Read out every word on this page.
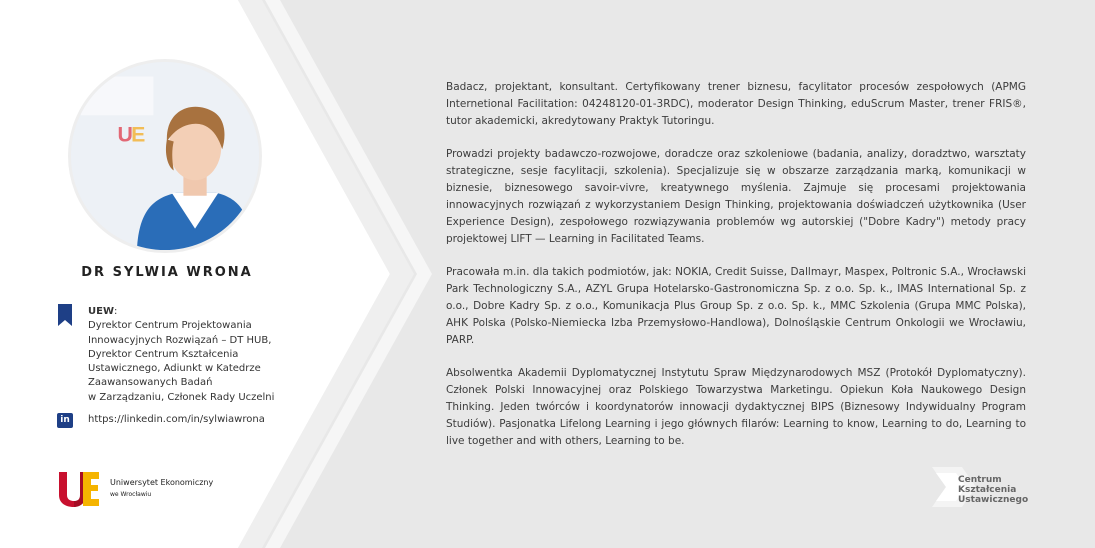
U
E
DR SYLWIA WRONA
UEW:
Dyrektor Centrum Projektowania
Innowacyjnych Rozwiązań – DT HUB,
Dyrektor Centrum Kształcenia
Ustawicznego, Adiunkt w Katedrze
Zaawansowanych Badań
w Zarządzaniu, Członek Rady Uczelni
in	https://linkedin.com/in/sylwiawrona
Uniwersytet Ekonomiczny
we Wrocławiu

Badacz, projektant, konsultant. Certyfikowany trener biznesu, facylitator procesów zespołowych (APMG Internetional Facilitation: 04248120-01-3RDC), moderator Design Thinking, eduScrum Master, trener FRIS®, tutor akademicki, akredytowany Praktyk Tutoringu.

Prowadzi projekty badawczo-rozwojowe, doradcze oraz szkoleniowe (badania, analizy, doradztwo, warsztaty strategiczne, sesje facylitacji, szkolenia). Specjalizuje się w obszarze zarządzania marką, komunikacji w biznesie, biznesowego savoir-vivre, kreatywnego myślenia. Zajmuje się procesami projektowania innowacyjnych rozwiązań z wykorzystaniem Design Thinking, projektowania doświadczeń użytkownika (User Experience Design), zespołowego rozwiązywania problemów wg autorskiej ("Dobre Kadry") metody pracy projektowej LIFT — Learning in Facilitated Teams.

Pracowała m.in. dla takich podmiotów, jak: NOKIA, Credit Suisse, Dallmayr, Maspex, Poltronic S.A., Wrocławski Park Technologiczny S.A., AZYL Grupa Hotelarsko-Gastronomiczna Sp. z o.o. Sp. k., IMAS International Sp. z o.o., Dobre Kadry Sp. z o.o., Komunikacja Plus Group Sp. z o.o. Sp. k., MMC Szkolenia (Grupa MMC Polska), AHK Polska (Polsko-Niemiecka Izba Przemysłowo-Handlowa), Dolnośląskie Centrum Onkologii we Wrocławiu, PARP.

Absolwentka Akademii Dyplomatycznej Instytutu Spraw Międzynarodowych MSZ (Protokół Dyplomatyczny). Członek Polski Innowacyjnej oraz Polskiego Towarzystwa Marketingu. Opiekun Koła Naukowego Design Thinking. Jeden twórców i koordynatorów innowacji dydaktycznej BIPS (Biznesowy Indywidualny Program Studiów). Pasjonatka Lifelong Learning i jego głównych filarów: Learning to know, Learning to do, Learning to live together and with others, Learning to be.

Centrum
Kształcenia
Ustawicznego
